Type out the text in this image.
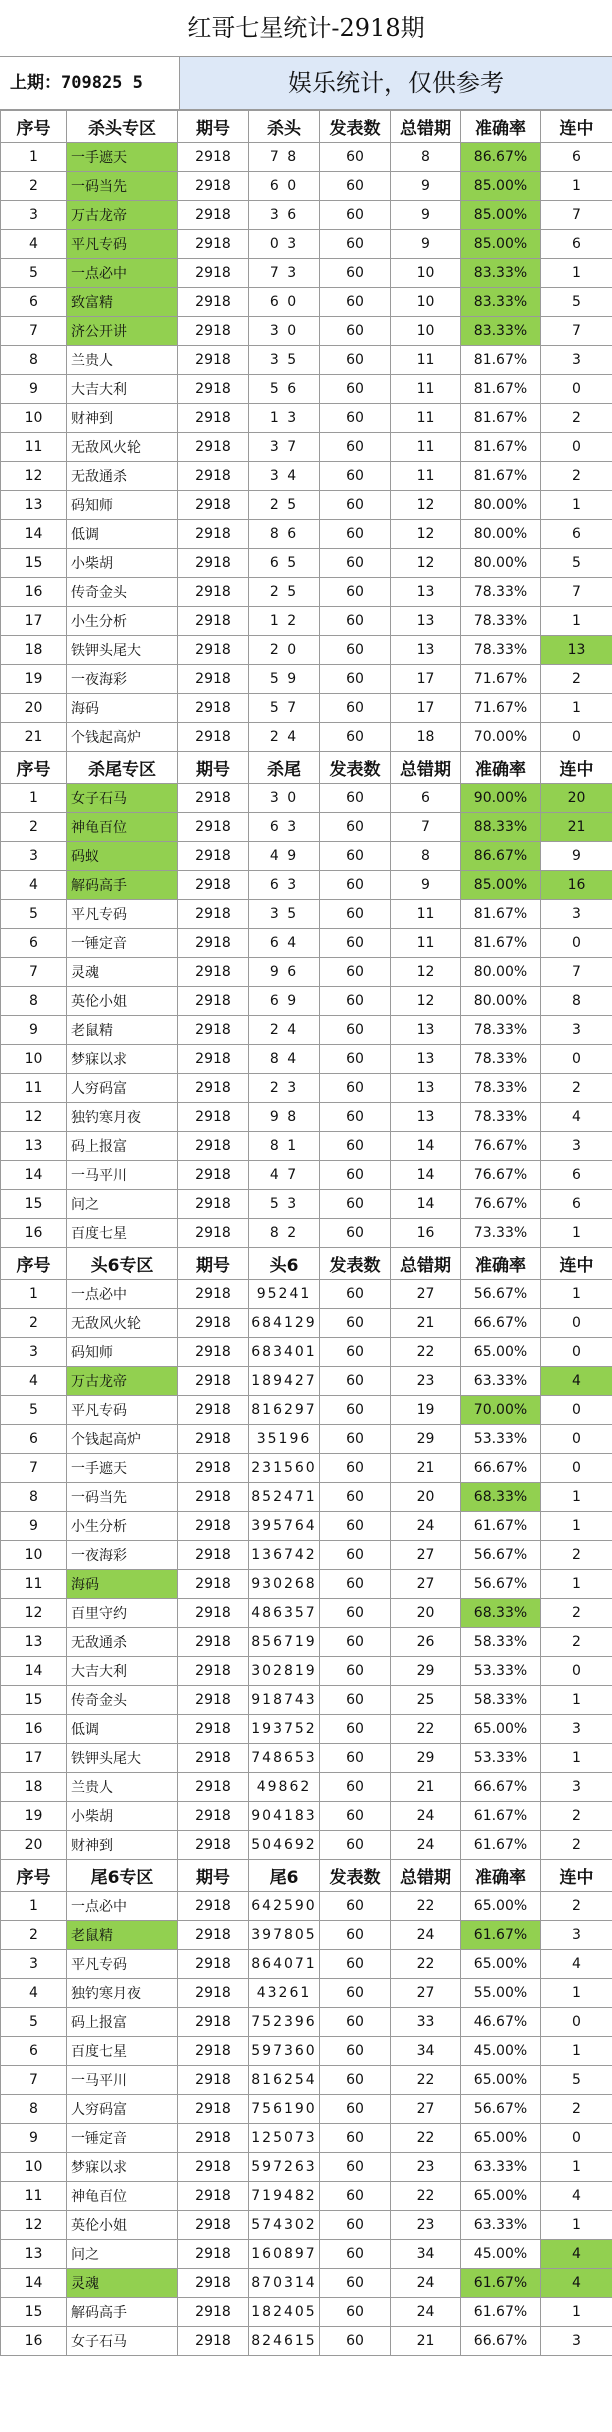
红哥七星统计-2918期
上期：709825 5	娱乐统计，仅供参考
序号	杀头专区	期号	杀头	发表数	总错期	准确率	连中
1	一手遮天	2918	7 8	60	8	86.67%	6
2	一码当先	2918	6 0	60	9	85.00%	1
3	万古龙帝	2918	3 6	60	9	85.00%	7
4	平凡专码	2918	0 3	60	9	85.00%	6
5	一点必中	2918	7 3	60	10	83.33%	1
6	致富精	2918	6 0	60	10	83.33%	5
7	济公开讲	2918	3 0	60	10	83.33%	7
8	兰贵人	2918	3 5	60	11	81.67%	3
9	大吉大利	2918	5 6	60	11	81.67%	0
10	财神到	2918	1 3	60	11	81.67%	2
11	无敌风火轮	2918	3 7	60	11	81.67%	0
12	无敌通杀	2918	3 4	60	11	81.67%	2
13	码知师	2918	2 5	60	12	80.00%	1
14	低调	2918	8 6	60	12	80.00%	6
15	小柴胡	2918	6 5	60	12	80.00%	5
16	传奇金头	2918	2 5	60	13	78.33%	7
17	小生分析	2918	1 2	60	13	78.33%	1
18	铁钾头尾大	2918	2 0	60	13	78.33%	13
19	一夜海彩	2918	5 9	60	17	71.67%	2
20	海码	2918	5 7	60	17	71.67%	1
21	个钱起高炉	2918	2 4	60	18	70.00%	0
序号	杀尾专区	期号	杀尾	发表数	总错期	准确率	连中
1	女子石马	2918	3 0	60	6	90.00%	20
2	神龟百位	2918	6 3	60	7	88.33%	21
3	码蚁	2918	4 9	60	8	86.67%	9
4	解码高手	2918	6 3	60	9	85.00%	16
5	平凡专码	2918	3 5	60	11	81.67%	3
6	一锤定音	2918	6 4	60	11	81.67%	0
7	灵魂	2918	9 6	60	12	80.00%	7
8	英伦小姐	2918	6 9	60	12	80.00%	8
9	老鼠精	2918	2 4	60	13	78.33%	3
10	梦寐以求	2918	8 4	60	13	78.33%	0
11	人穷码富	2918	2 3	60	13	78.33%	2
12	独钓寒月夜	2918	9 8	60	13	78.33%	4
13	码上报富	2918	8 1	60	14	76.67%	3
14	一马平川	2918	4 7	60	14	76.67%	6
15	问之	2918	5 3	60	14	76.67%	6
16	百度七星	2918	8 2	60	16	73.33%	1
序号	头6专区	期号	头6	发表数	总错期	准确率	连中
1	一点必中	2918	95241	60	27	56.67%	1
2	无敌风火轮	2918	684129	60	21	66.67%	0
3	码知师	2918	683401	60	22	65.00%	0
4	万古龙帝	2918	189427	60	23	63.33%	4
5	平凡专码	2918	816297	60	19	70.00%	0
6	个钱起高炉	2918	35196	60	29	53.33%	0
7	一手遮天	2918	231560	60	21	66.67%	0
8	一码当先	2918	852471	60	20	68.33%	1
9	小生分析	2918	395764	60	24	61.67%	1
10	一夜海彩	2918	136742	60	27	56.67%	2
11	海码	2918	930268	60	27	56.67%	1
12	百里守约	2918	486357	60	20	68.33%	2
13	无敌通杀	2918	856719	60	26	58.33%	2
14	大吉大利	2918	302819	60	29	53.33%	0
15	传奇金头	2918	918743	60	25	58.33%	1
16	低调	2918	193752	60	22	65.00%	3
17	铁钾头尾大	2918	748653	60	29	53.33%	1
18	兰贵人	2918	49862	60	21	66.67%	3
19	小柴胡	2918	904183	60	24	61.67%	2
20	财神到	2918	504692	60	24	61.67%	2
序号	尾6专区	期号	尾6	发表数	总错期	准确率	连中
1	一点必中	2918	642590	60	22	65.00%	2
2	老鼠精	2918	397805	60	24	61.67%	3
3	平凡专码	2918	864071	60	22	65.00%	4
4	独钓寒月夜	2918	43261	60	27	55.00%	1
5	码上报富	2918	752396	60	33	46.67%	0
6	百度七星	2918	597360	60	34	45.00%	1
7	一马平川	2918	816254	60	22	65.00%	5
8	人穷码富	2918	756190	60	27	56.67%	2
9	一锤定音	2918	125073	60	22	65.00%	0
10	梦寐以求	2918	597263	60	23	63.33%	1
11	神龟百位	2918	719482	60	22	65.00%	4
12	英伦小姐	2918	574302	60	23	63.33%	1
13	问之	2918	160897	60	34	45.00%	4
14	灵魂	2918	870314	60	24	61.67%	4
15	解码高手	2918	182405	60	24	61.67%	1
16	女子石马	2918	824615	60	21	66.67%	3
